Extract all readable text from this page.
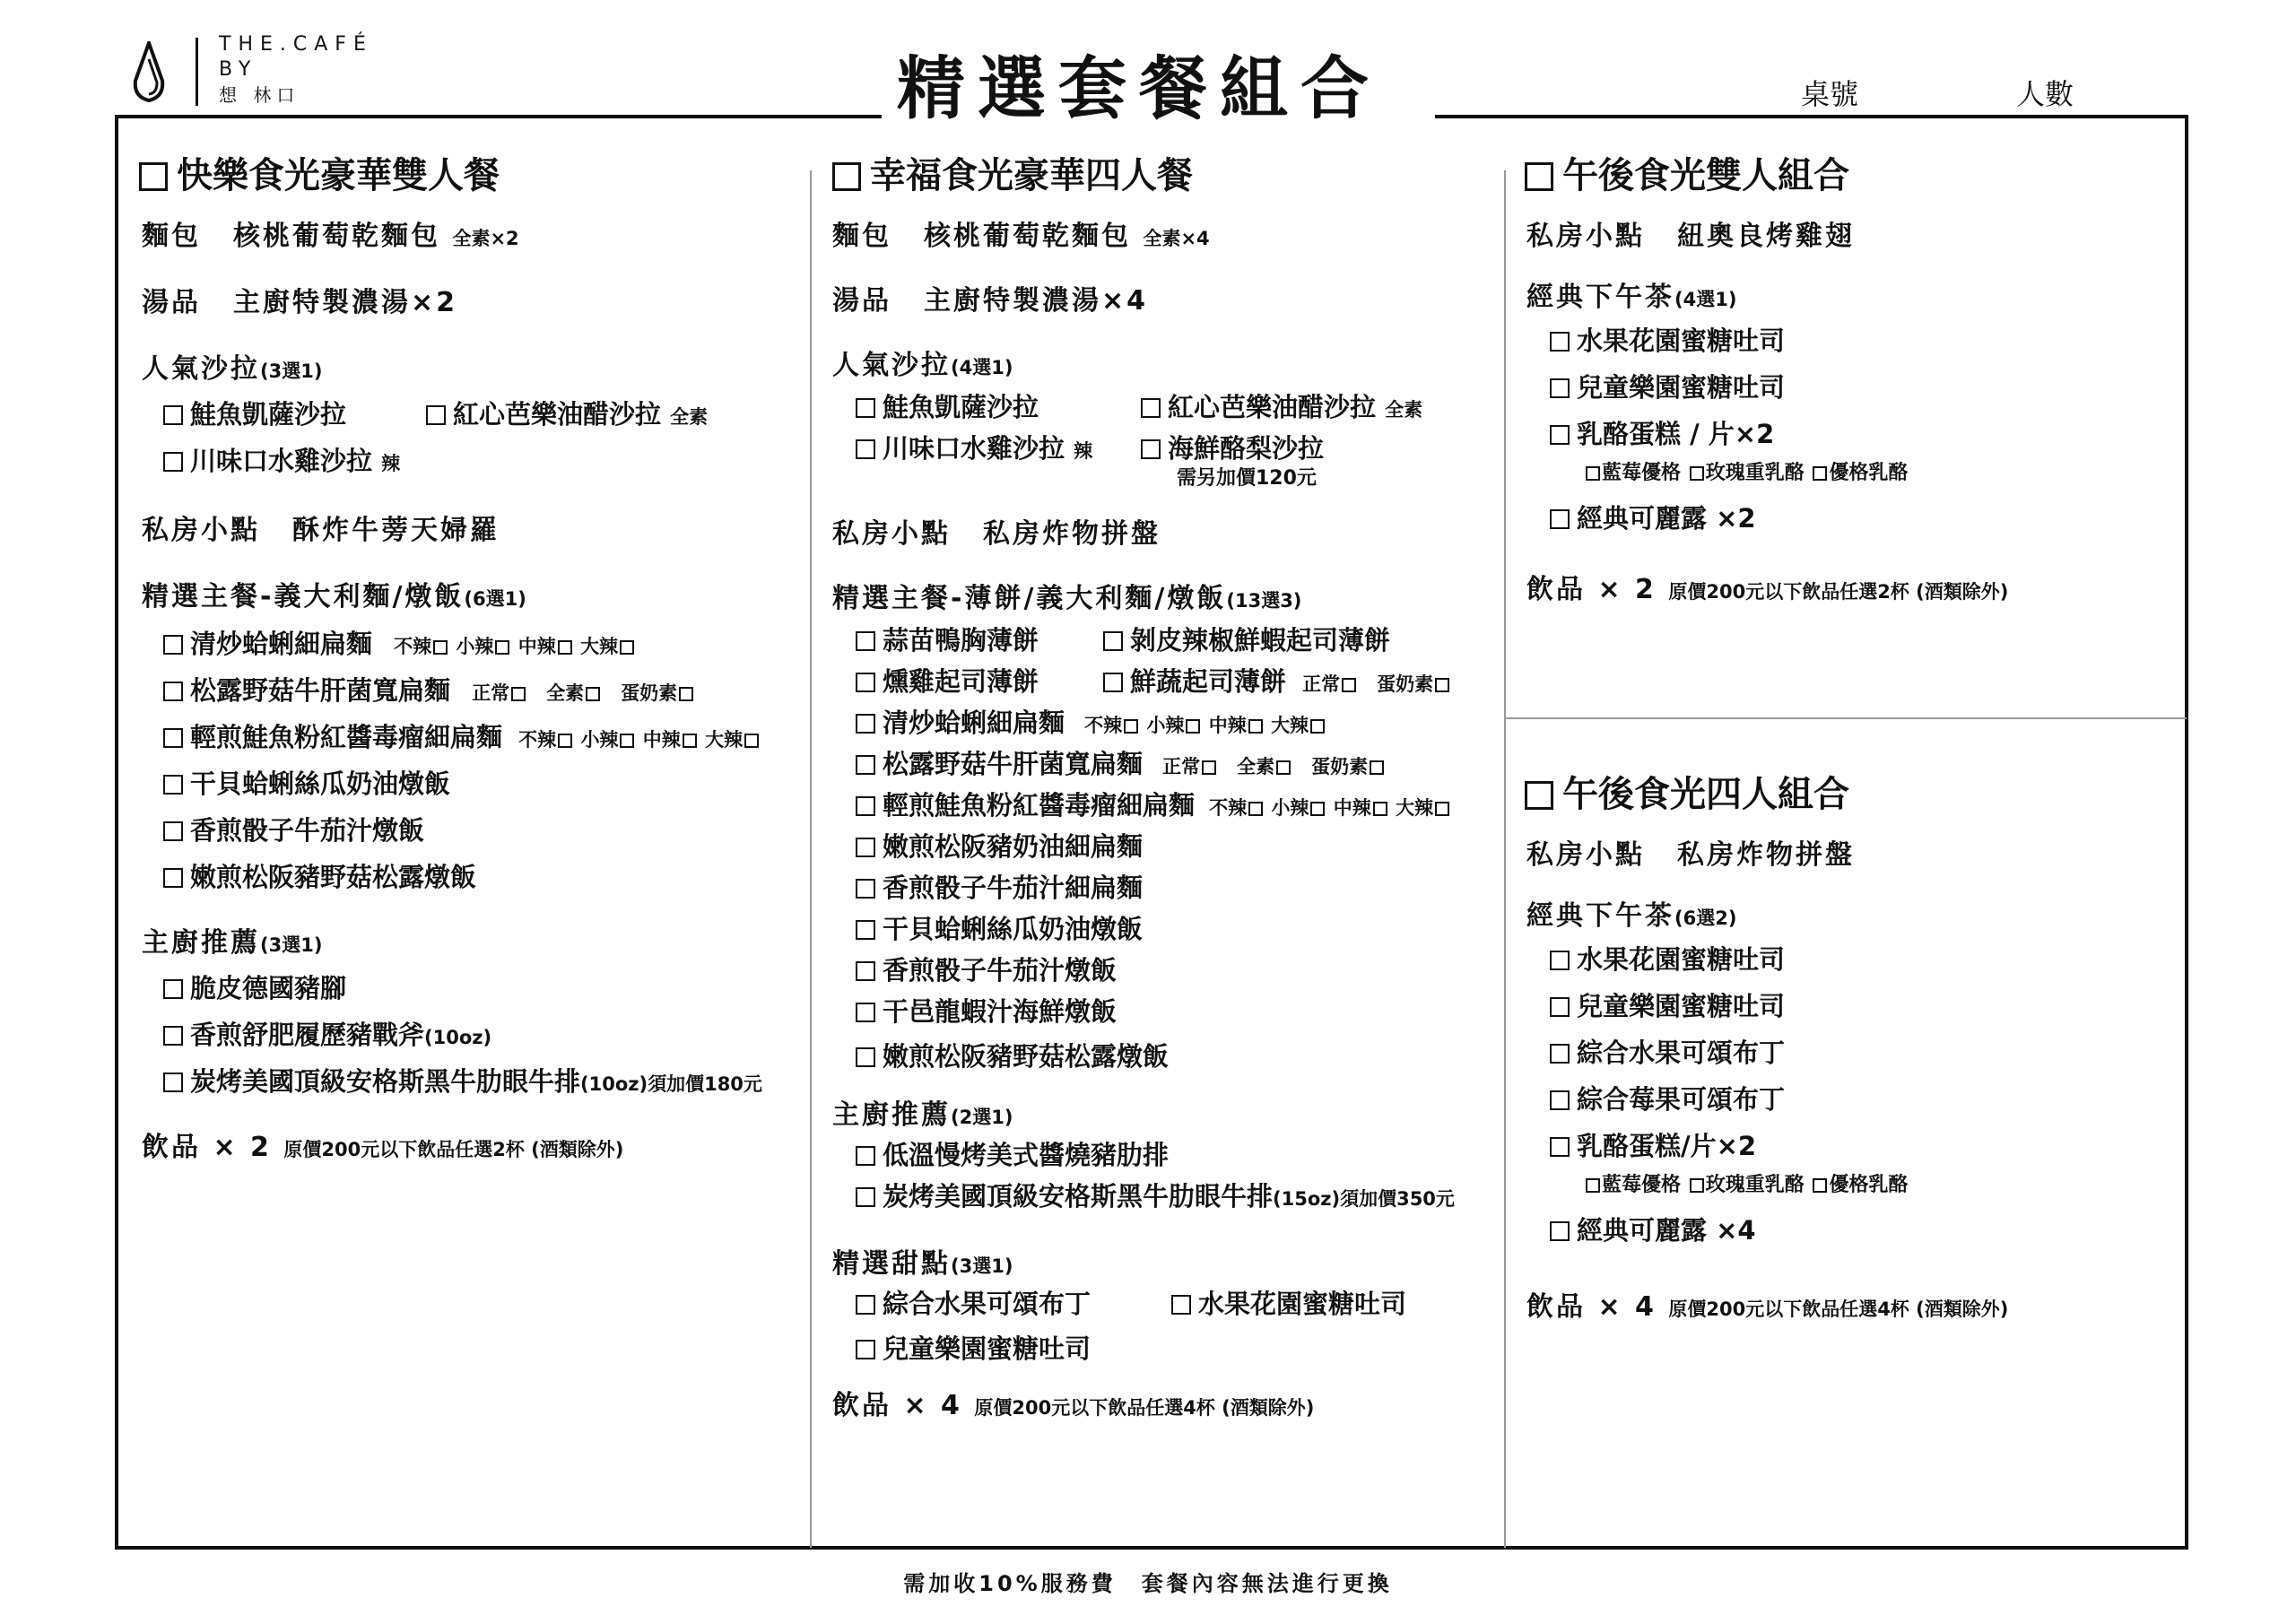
THE.CAFÉ
BY
想 林口	精選套餐組合	桌號	人數
快樂食光豪華雙人餐
麵包 核桃葡萄乾麵包 全素×2
湯品 主廚特製濃湯×2
人氣沙拉(3選1)
鮭魚凱薩沙拉	紅心芭樂油醋沙拉 全素
川味口水雞沙拉 辣
私房小點 酥炸牛蒡天婦羅
精選主餐-義大利麵/燉飯(6選1)
清炒蛤蜊細扁麵 不辣 小辣 中辣 大辣
松露野菇牛肝菌寬扁麵 正常　 全素　 蛋奶素
輕煎鮭魚粉紅醬毒瘤細扁麵 不辣 小辣 中辣 大辣
干貝蛤蜊絲瓜奶油燉飯
香煎骰子牛茄汁燉飯
嫩煎松阪豬野菇松露燉飯
主廚推薦(3選1)
脆皮德國豬腳
香煎舒肥履歷豬戰斧(10oz)
炭烤美國頂級安格斯黑牛肋眼牛排(10oz)須加價180元
飲品 × 2 原價200元以下飲品任選2杯 (酒類除外)
幸福食光豪華四人餐
麵包 核桃葡萄乾麵包 全素×4
湯品 主廚特製濃湯×4
人氣沙拉(4選1)
鮭魚凱薩沙拉	紅心芭樂油醋沙拉 全素
川味口水雞沙拉 辣	海鮮酪梨沙拉
需另加價120元
私房小點 私房炸物拼盤
精選主餐-薄餅/義大利麵/燉飯(13選3)
蒜苗鴨胸薄餅	剝皮辣椒鮮蝦起司薄餅
燻雞起司薄餅	鮮蔬起司薄餅 正常　 蛋奶素
清炒蛤蜊細扁麵 不辣 小辣 中辣 大辣
松露野菇牛肝菌寬扁麵 正常　 全素　 蛋奶素
輕煎鮭魚粉紅醬毒瘤細扁麵 不辣 小辣 中辣 大辣
嫩煎松阪豬奶油細扁麵
香煎骰子牛茄汁細扁麵
干貝蛤蜊絲瓜奶油燉飯
香煎骰子牛茄汁燉飯
干邑龍蝦汁海鮮燉飯
嫩煎松阪豬野菇松露燉飯
主廚推薦(2選1)
低溫慢烤美式醬燒豬肋排
炭烤美國頂級安格斯黑牛肋眼牛排(15oz)須加價350元
精選甜點(3選1)
綜合水果可頌布丁	水果花園蜜糖吐司
兒童樂園蜜糖吐司
飲品 × 4 原價200元以下飲品任選4杯 (酒類除外)
午後食光雙人組合
私房小點 紐奧良烤雞翅
經典下午茶(4選1)
水果花園蜜糖吐司
兒童樂園蜜糖吐司
乳酪蛋糕 / 片×2
藍莓優格 玫瑰重乳酪 優格乳酪
經典可麗露 ×2
飲品 × 2 原價200元以下飲品任選2杯 (酒類除外)
午後食光四人組合
私房小點 私房炸物拼盤
經典下午茶(6選2)
水果花園蜜糖吐司
兒童樂園蜜糖吐司
綜合水果可頌布丁
綜合莓果可頌布丁
乳酪蛋糕/片×2
藍莓優格 玫瑰重乳酪 優格乳酪
經典可麗露 ×4
飲品 × 4 原價200元以下飲品任選4杯 (酒類除外)
需加收10%服務費　套餐內容無法進行更換
